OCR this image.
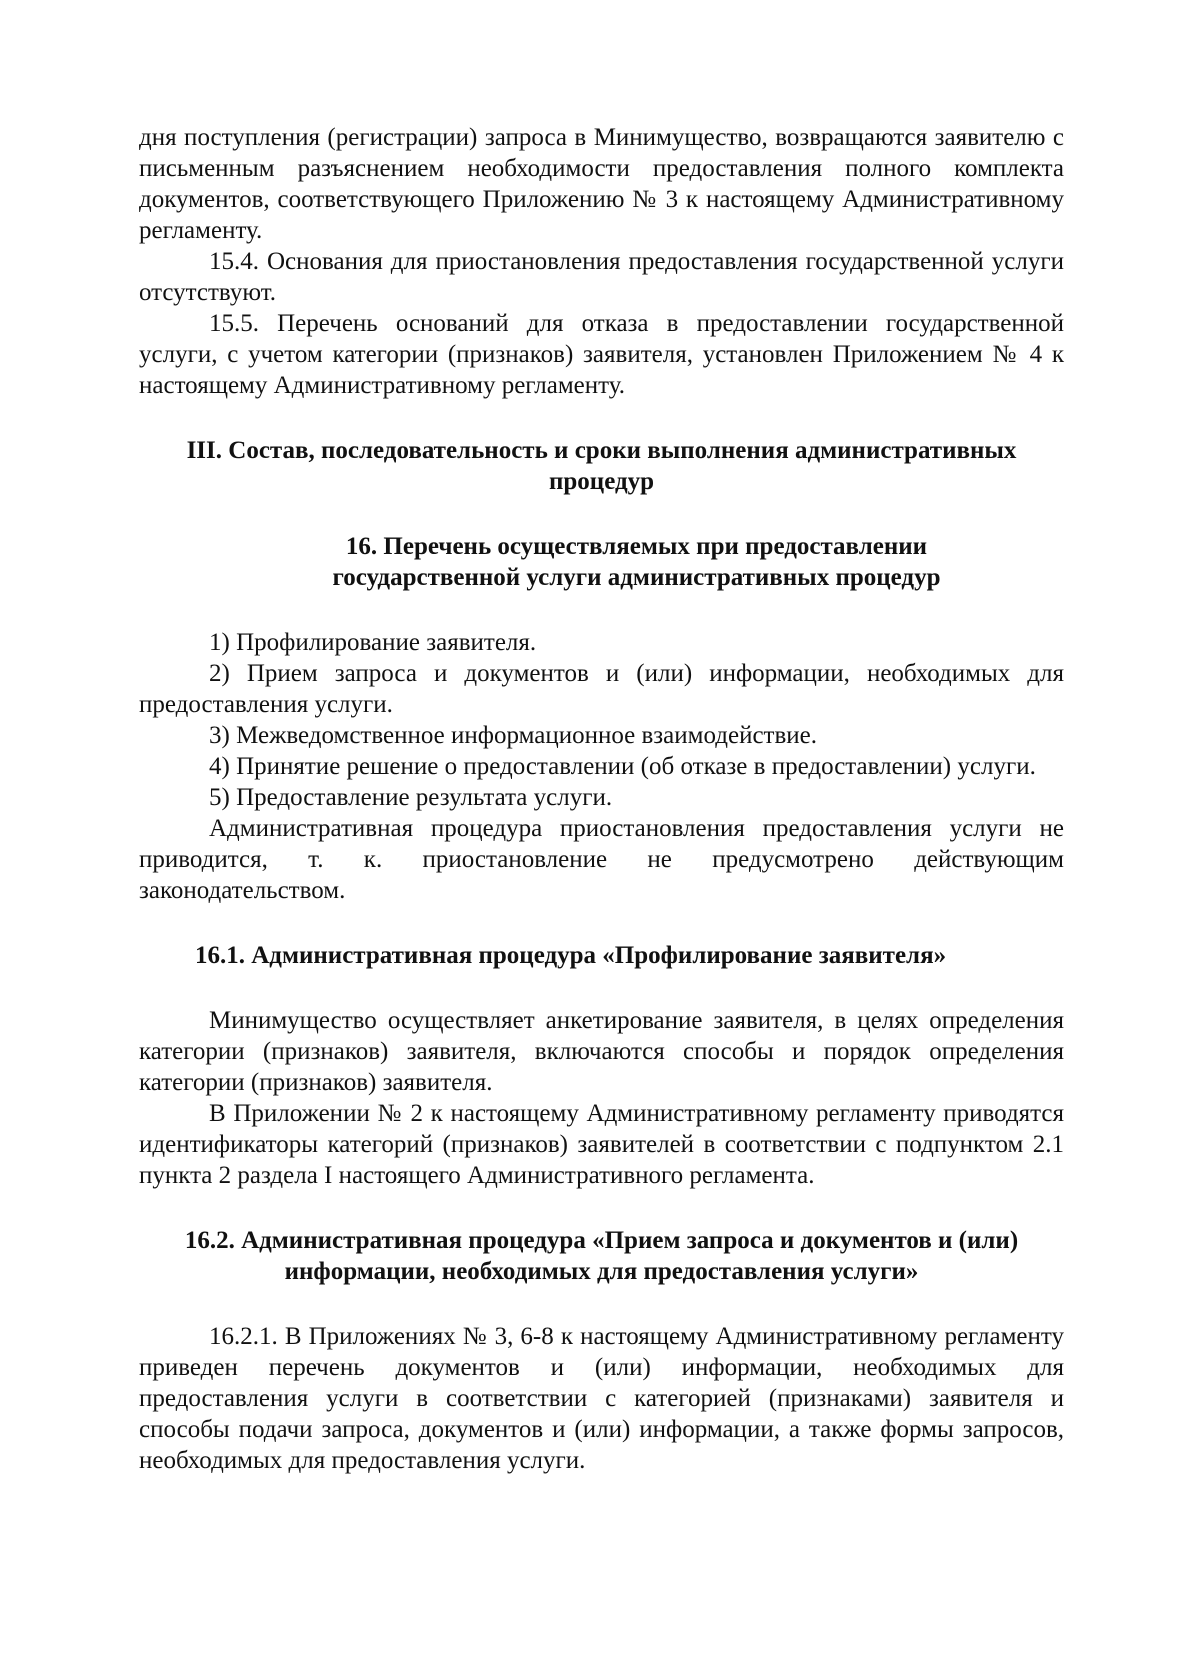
дня поступления (регистрации) запроса в Минимущество, возвращаются заявителю с письменным разъяснением необходимости предоставления полного комплекта документов, соответствующего Приложению № 3 к настоящему Административному регламенту.

15.4. Основания для приостановления предоставления государственной услуги отсутствуют.

15.5. Перечень оснований для отказа в предоставлении государственной услуги, с учетом категории (признаков) заявителя, установлен Приложением № 4 к настоящему Административному регламенту.

III. Состав, последовательность и сроки выполнения административных процедур
16. Перечень осуществляемых при предоставлении государственной услуги административных процедур

1) Профилирование заявителя.

2) Прием запроса и документов и (или) информации, необходимых для предоставления услуги.

3) Межведомственное информационное взаимодействие.

4) Принятие решение о предоставлении (об отказе в предоставлении) услуги.

5) Предоставление результата услуги.

Административная процедура приостановления предоставления услуги не приводится, т. к. приостановление не предусмотрено действующим законодательством.

16.1. Административная процедура «Профилирование заявителя»

Минимущество осуществляет анкетирование заявителя, в целях определения категории (признаков) заявителя, включаются способы и порядок определения категории (признаков) заявителя.

В Приложении № 2 к настоящему Административному регламенту приводятся идентификаторы категорий (признаков) заявителей в соответствии с подпунктом 2.1 пункта 2 раздела I настоящего Административного регламента.

16.2. Административная процедура «Прием запроса и документов и (или) информации, необходимых для предоставления услуги»

16.2.1. В Приложениях № 3, 6-8 к настоящему Административному регламенту приведен перечень документов и (или) информации, необходимых для предоставления услуги в соответствии с категорией (признаками) заявителя и способы подачи запроса, документов и (или) информации, а также формы запросов, необходимых для предоставления услуги.
